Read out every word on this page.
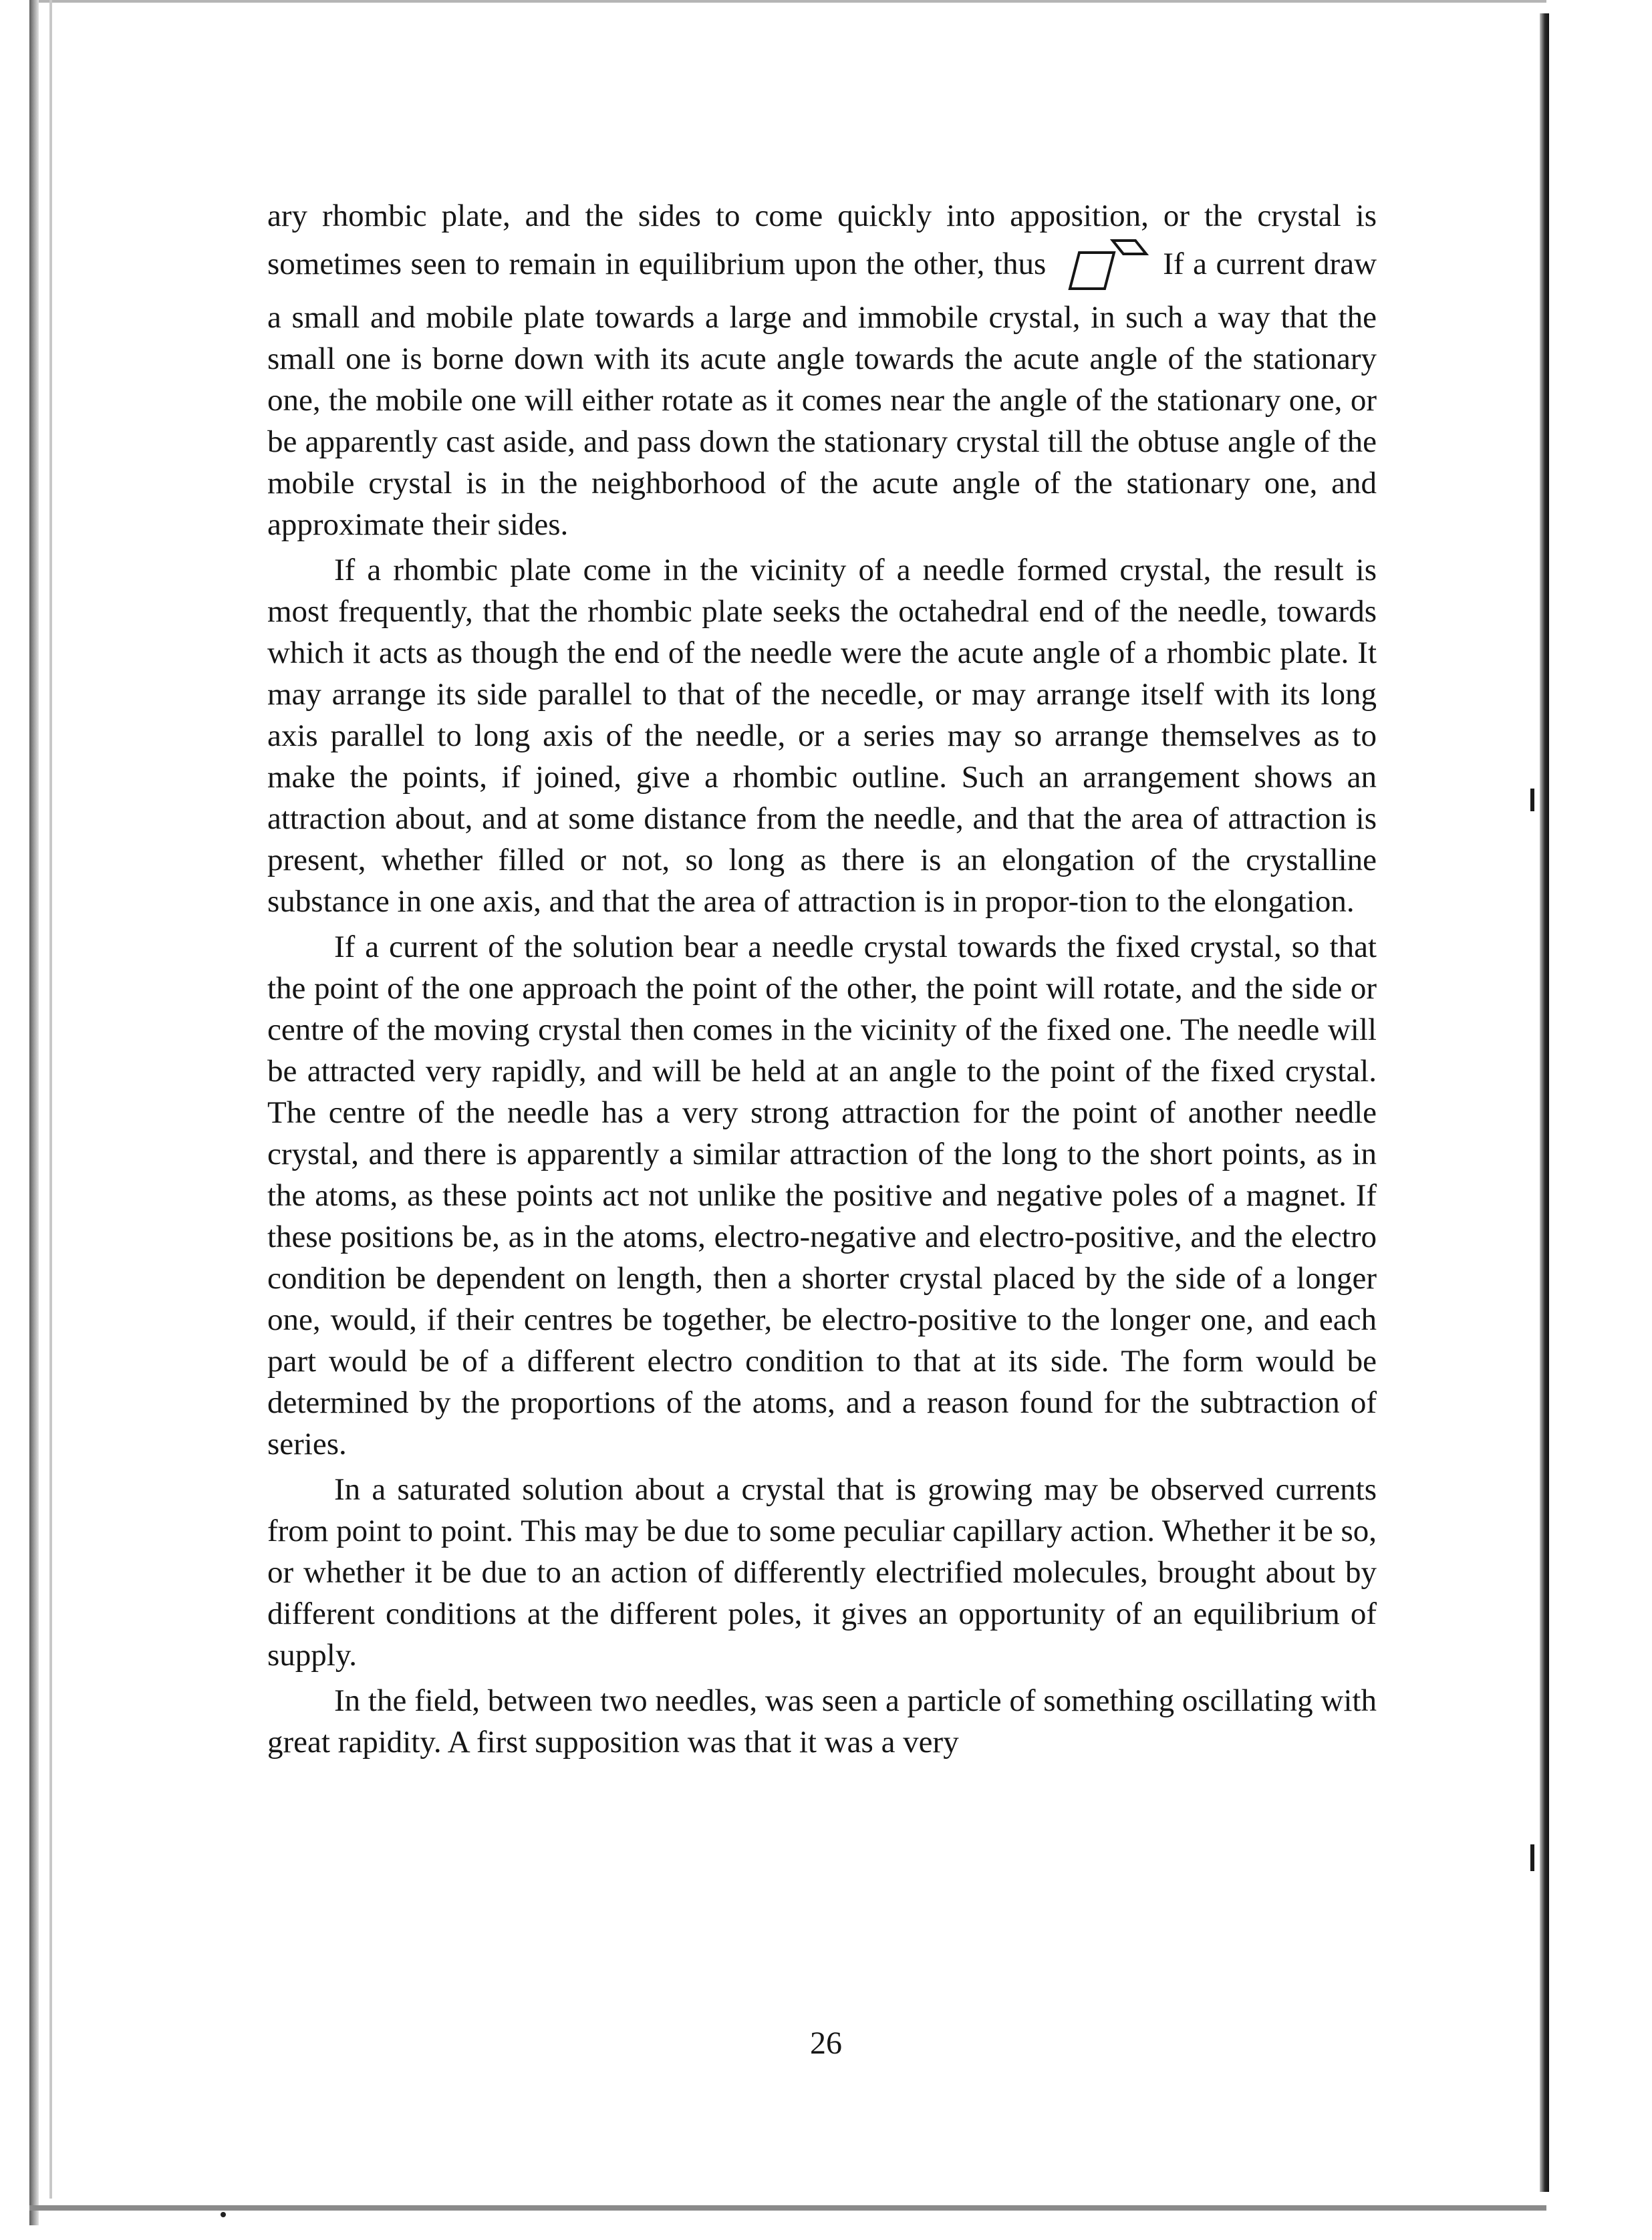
ary rhombic plate, and the sides to come quickly into apposition, or the crystal is sometimes seen to remain in equilibrium upon the other, thus	If a current draw a small and mobile plate towards a large and immobile crystal, in such a way that the small one is borne down with its acute angle towards the acute angle of the stationary one, the mobile one will either rotate as it comes near the angle of the stationary one, or be apparently cast aside, and pass down the stationary crystal till the obtuse angle of the mobile crystal is in the neighborhood of the acute angle of the stationary one, and approximate their sides.

If a rhombic plate come in the vicinity of a needle formed crystal, the result is most frequently, that the rhombic plate seeks the octahedral end of the needle, towards which it acts as though the end of the needle were the acute angle of a rhombic plate. It may arrange its side parallel to that of the necedle, or may arrange itself with its long axis parallel to long axis of the needle, or a series may so arrange themselves as to make the points, if joined, give a rhombic outline. Such an arrangement shows an attraction about, and at some distance from the needle, and that the area of attraction is present, whether filled or not, so long as there is an elongation of the crystalline substance in one axis, and that the area of attraction is in propor-tion to the elongation.

If a current of the solution bear a needle crystal towards the fixed crystal, so that the point of the one approach the point of the other, the point will rotate, and the side or centre of the moving crystal then comes in the vicinity of the fixed one. The needle will be attracted very rapidly, and will be held at an angle to the point of the fixed crystal. The centre of the needle has a very strong attraction for the point of another needle crystal, and there is apparently a similar attraction of the long to the short points, as in the atoms, as these points act not unlike the positive and negative poles of a magnet. If these positions be, as in the atoms, electro-negative and electro-positive, and the electro condition be dependent on length, then a shorter crystal placed by the side of a longer one, would, if their centres be together, be electro-positive to the longer one, and each part would be of a different electro condition to that at its side. The form would be determined by the proportions of the atoms, and a reason found for the subtraction of series.

In a saturated solution about a crystal that is growing may be observed currents from point to point. This may be due to some peculiar capillary action. Whether it be so, or whether it be due to an action of differently electrified molecules, brought about by different conditions at the different poles, it gives an opportunity of an equilibrium of supply.

In the field, between two needles, was seen a particle of something oscillating with great rapidity. A first supposition was that it was a very

26
